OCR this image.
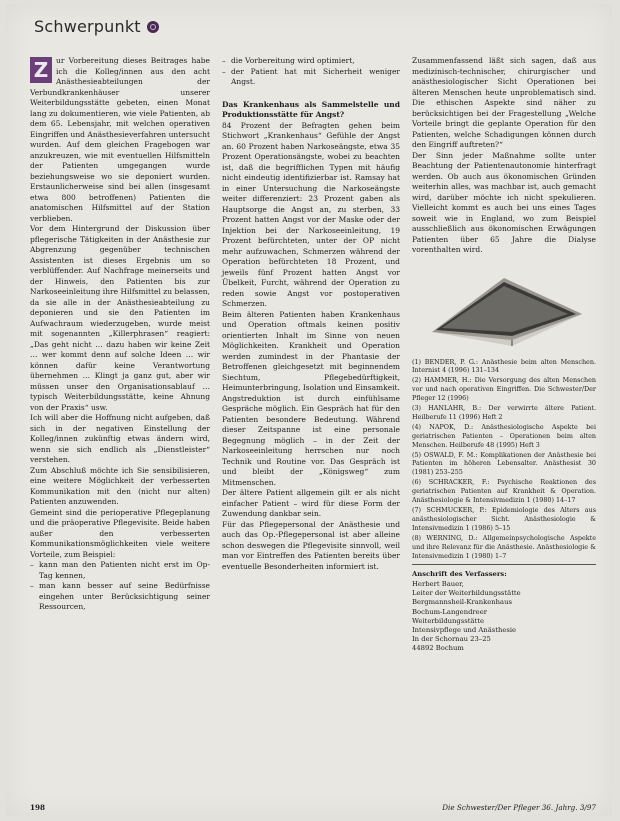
Schwerpunkt
Z	ur Vorbereitung dieses Beitrages habe ich die Kolleg/innen aus den acht Anästhesieabteilungen der Verbundkrankenhäuser unserer Weiterbildungsstätte gebeten, einen Monat lang zu dokumentieren, wie viele Patienten, ab dem 65. Lebensjahr, mit welchen operativen Eingriffen und Anästhesieverfahren untersucht wurden. Auf dem gleichen Fragebogen war anzukreuzen, wie mit eventuellen Hilfsmitteln der Patienten umgegangen wurde beziehungsweise wo sie deponiert wurden. Erstaunlicherweise sind bei allen (insgesamt etwa 800 betroffenen) Patienten die anatomischen Hilfsmittel auf der Station verblieben.

Vor dem Hintergrund der Diskussion über pflegerische Tätigkeiten in der Anästhesie zur Abgrenzung gegenüber technischen Assistenten ist dieses Ergebnis um so verblüffender. Auf Nachfrage meinerseits und der Hinweis, den Patienten bis zur Narkoseeinleitung ihre Hilfsmittel zu belassen, da sie alle in der Anästhesieabteilung zu deponieren und sie den Patienten im Aufwachraum wiederzugeben, wurde meist mit sogenannten „Killerphrasen“ reagiert: „Das geht nicht … dazu haben wir keine Zeit … wer kommt denn auf solche Ideen … wir können dafür keine Verantwortung übernehmen … Klingt ja ganz gut, aber wir müssen unser den Organisationsablauf … typisch Weiterbildungsstätte, keine Ahnung von der Praxis“ usw.

Ich will aber die Hoffnung nicht aufgeben, daß sich in der negativen Einstellung der Kolleg/innen zukünftig etwas ändern wird, wenn sie sich endlich als „Dienstleister“ verstehen.

Zum Abschluß möchte ich Sie sensibilisieren, eine weitere Möglichkeit der verbesserten Kommunikation mit den (nicht nur alten) Patienten anzuwenden.

Gemeint sind die perioperative Pflegeplanung und die präoperative Pflegevisite. Beide haben außer den verbesserten Kommunikationsmöglichkeiten viele weitere Vorteile, zum Beispiel:

– kann man den Patienten nicht erst im Op-Tag kennen,
– man kann besser auf seine Bedürfnisse eingehen unter Berücksichtigung seiner Ressourcen,
– die Vorbereitung wird optimiert,
– der Patient hat mit Sicherheit weniger Angst.

Das Krankenhaus als Sammelstelle und Produktionsstätte für Angst?

84 Prozent der Befragten gehen beim Stichwort „Krankenhaus“ Gefühle der Angst an. 60 Prozent haben Narkoseängste, etwa 35 Prozent Operationsängste, wobei zu beachten ist, daß die begrifflichen Typen mit häufig nicht eindeutig identifizierbar ist. Ramsay hat in einer Untersuchung die Narkoseängste weiter differenziert: 23 Prozent gaben als Hauptsorge die Angst an, zu sterben, 33 Prozent hatten Angst vor der Maske oder der Injektion bei der Narkoseeinleitung, 19 Prozent befürchteten, unter der OP nicht mehr aufzuwachen, Schmerzen während der Operation befürchteten 18 Prozent, und jeweils fünf Prozent hatten Angst vor Übelkeit, Furcht, während der Operation zu reden sowie Angst vor postoperativen Schmerzen.

Beim älteren Patienten haben Krankenhaus und Operation oftmals keinen positiv orientierten Inhalt im Sinne von neuen Möglichkeiten. Krankheit und Operation werden zumindest in der Phantasie der Betroffenen gleichgesetzt mit beginnendem Siechtum, Pflegebedürftigkeit, Heimunterbringung, Isolation und Einsamkeit.

Angstreduktion ist durch einfühlsame Gespräche möglich. Ein Gespräch hat für den Patienten besondere Bedeutung. Während dieser Zeitspanne ist eine personale Begegnung möglich – in der Zeit der Narkoseeinleitung herrschen nur noch Technik und Routine vor. Das Gespräch ist und bleibt der „Königsweg“ zum Mitmenschen.

Der ältere Patient allgemein gilt er als nicht einfacher Patient – wird für diese Form der Zuwendung dankbar sein.

Für das Pflegepersonal der Anästhesie und auch das Op.-Pflegepersonal ist aber alleine schon deswegen die Pflegevisite sinnvoll, weil man vor Eintreffen des Patienten bereits über eventuelle Besonderheiten informiert ist.

Zusammenfassend läßt sich sagen, daß aus medizinisch-technischer, chirurgischer und anästhesiologischer Sicht Operationen bei älteren Menschen heute unproblematisch sind. Die ethischen Aspekte sind näher zu berücksichtigen bei der Fragestellung „Welche Vorteile bringt die geplante Operation für den Patienten, welche Schadigungen können durch den Eingriff auftreten?“

Der Sinn jeder Maßnahme sollte unter Beachtung der Patientenautonomie hinterfragt werden. Ob auch aus ökonomischen Gründen weiterhin alles, was machbar ist, auch gemacht wird, darüber möchte ich nicht spekulieren. Vielleicht kommt es auch bei uns eines Tages soweit wie in England, wo zum Beispiel ausschließlich aus ökonomischen Erwägungen Patienten über 65 Jahre die Dialyse vorenthalten wird.

(1) BENDER, P. G.: Anästhesie beim alten Menschen. Internist 4 (1996) 131–134
(2) HAMMER, H.: Die Versorgung des alten Menschen vor und nach operativen Eingriffen. Die Schwester/Der Pfleger 12 (1996)
(3) HANLAHR, B.: Der verwirrte ältere Patient. Heilberufe 11 (1996) Heft 2
(4) NAPOK, D.: Anästhesiologische Aspekte bei geriatrischen Patienten – Operationen beim alten Menschen. Heilberufe 48 (1995) Heft 3
(5) OSWALD, F. M.: Komplikationen der Anästhesie bei Patienten im höheren Lebensalter. Anästhesist 30 (1981) 253–255
(6) SCHRACKER, F.: Psychische Reaktionen des geriatrischen Patienten auf Krankheit & Operation. Anästhesiologie & Intensivmedizin 1 (1980) 14–17
(7) SCHMUCKER, P.: Epidemiologie des Alters aus anästhesiologischer Sicht. Anästhesiologie & Intensivmedizin 1 (1986) 5–15
(8) WERNING, D.: Allgemeinpsychologische Aspekte und ihre Relevanz für die Anästhesie. Anästhesiologie & Intensivmedizin 1 (1980) 1–7
Anschrift des Verfassers:
Herbert Bauer,
Leiter der Weiterbildungsstätte
Bergmannsheil-Krankenhaus
Bochum-Langendreer
Weiterbildungsstätte
Intensivpflege und Anästhesie
In der Schornau 23–25
44892 Bochum
198	Die Schwester/Der Pfleger 36. Jahrg. 3/97
